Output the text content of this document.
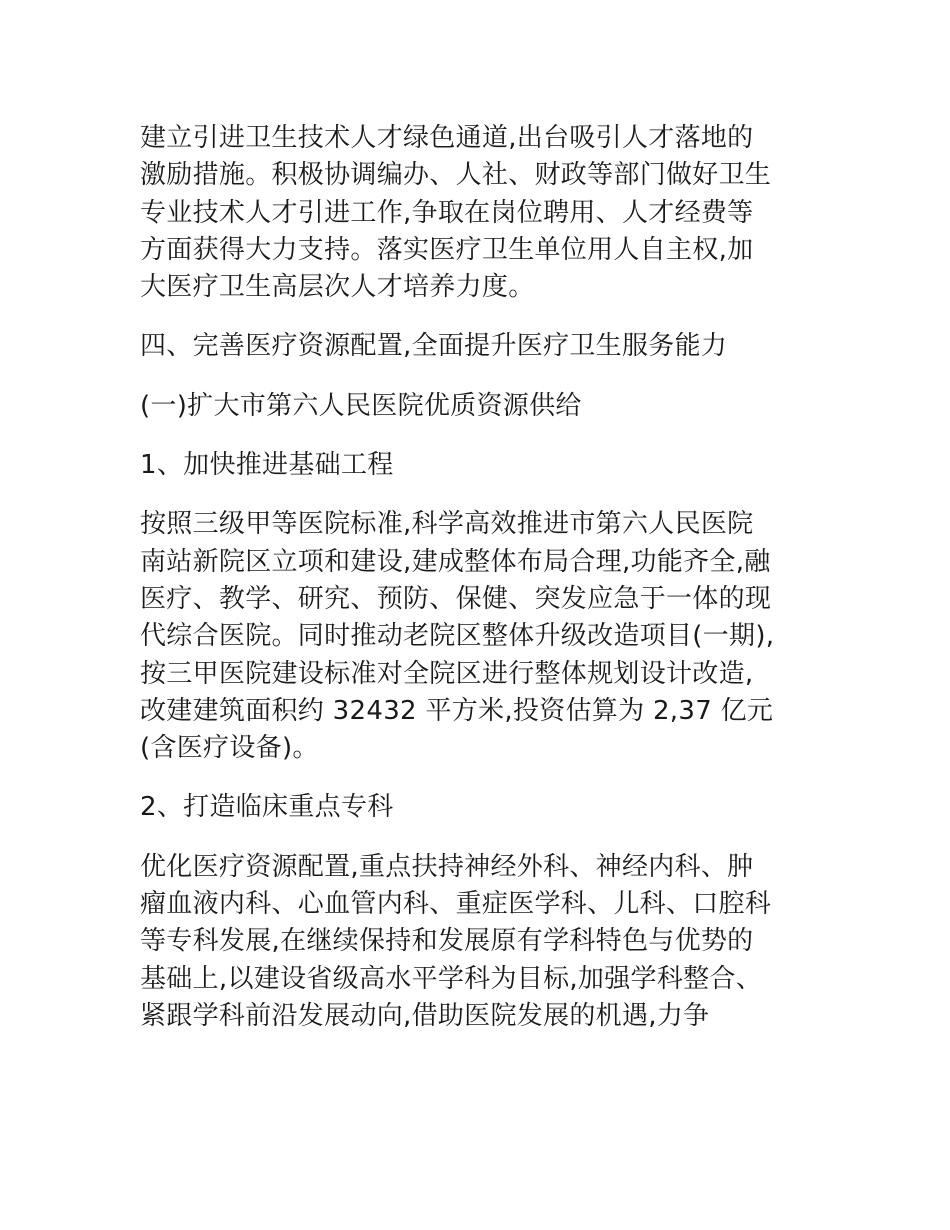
建立引进卫生技术人才绿色通道,出台吸引人才落地的
激励措施。积极协调编办、人社、财政等部门做好卫生
专业技术人才引进工作,争取在岗位聘用、人才经费等
方面获得大力支持。落实医疗卫生单位用人自主权,加
大医疗卫生高层次人才培养力度。

四、完善医疗资源配置,全面提升医疗卫生服务能力

(一)扩大市第六人民医院优质资源供给

1、加快推进基础工程

按照三级甲等医院标准,科学高效推进市第六人民医院
南站新院区立项和建设,建成整体布局合理,功能齐全,融
医疗、教学、研究、预防、保健、突发应急于一体的现
代综合医院。同时推动老院区整体升级改造项目(一期),
按三甲医院建设标准对全院区进行整体规划设计改造,
改建建筑面积约 32432 平方米,投资估算为 2,37 亿元
(含医疗设备)。

2、打造临床重点专科

优化医疗资源配置,重点扶持神经外科、神经内科、肿
瘤血液内科、心血管内科、重症医学科、儿科、口腔科
等专科发展,在继续保持和发展原有学科特色与优势的
基础上,以建设省级高水平学科为目标,加强学科整合、
紧跟学科前沿发展动向,借助医院发展的机遇,力争
